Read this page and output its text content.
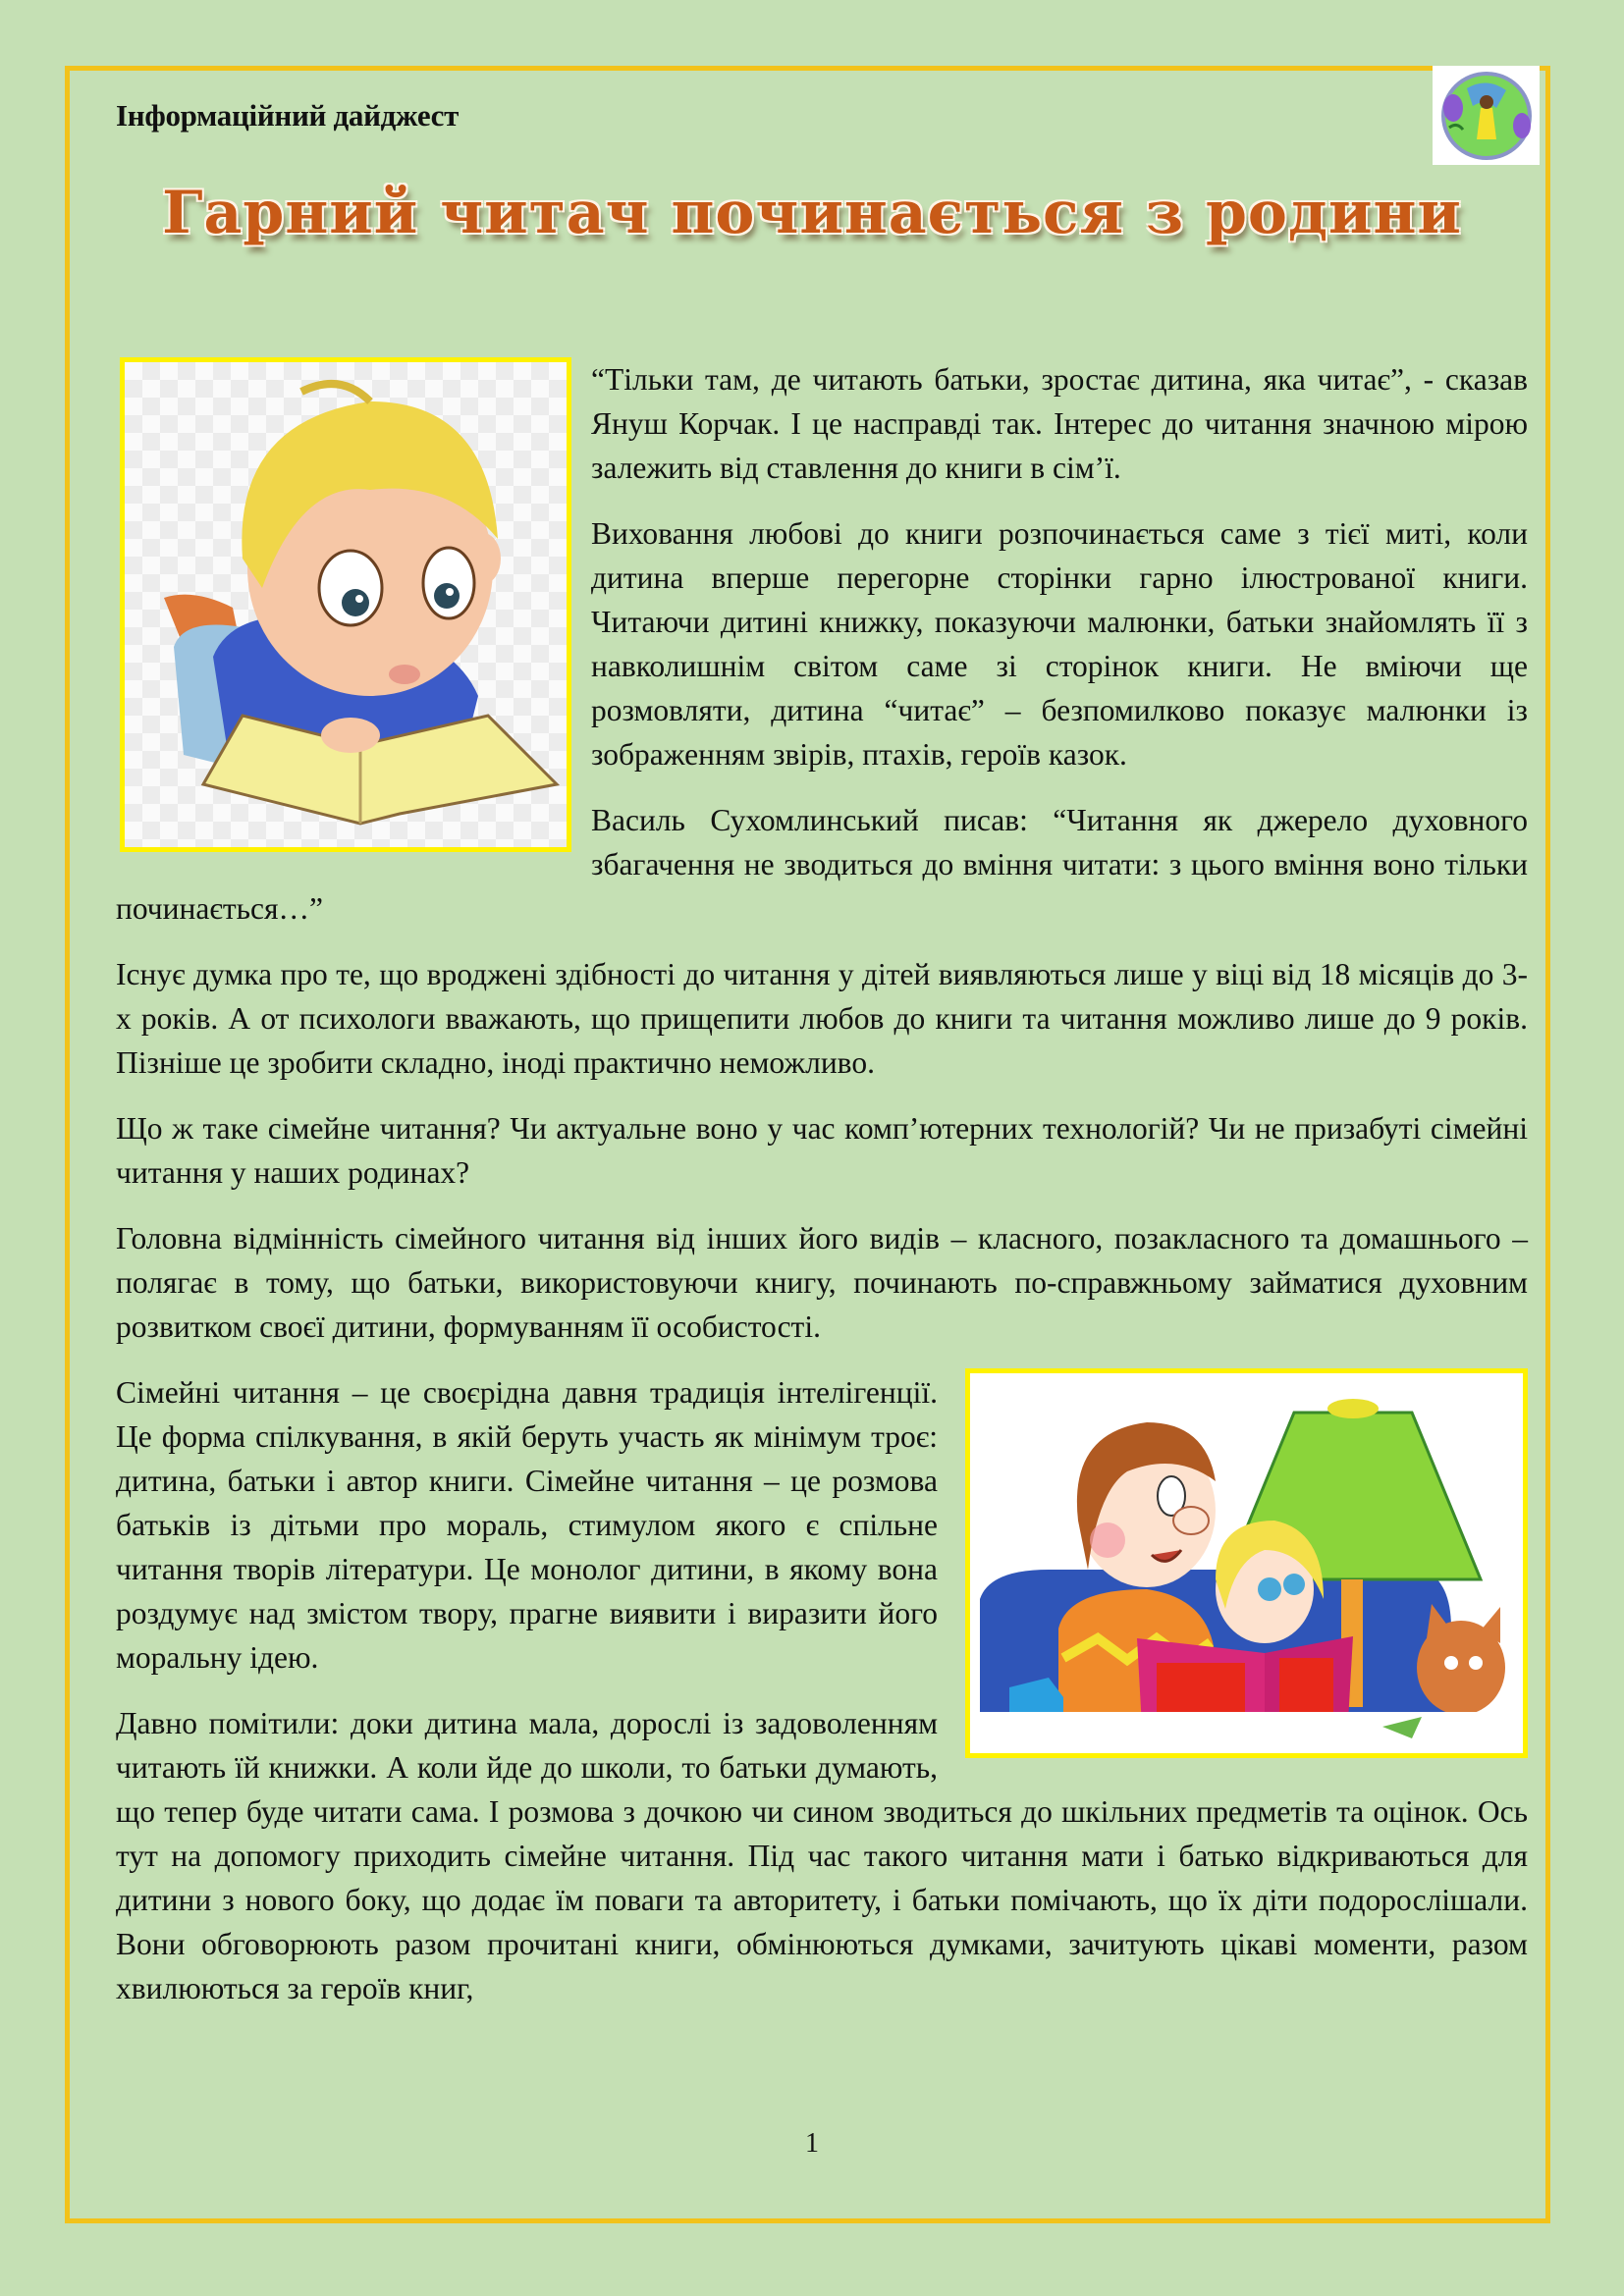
Інформаційний дайджест
Гарний читач починається з родини

“Тільки там, де читають батьки, зростає дитина, яка читає”, - сказав Януш Корчак. І це насправді так. Інтерес до читання значною мірою залежить від ставлення до книги в сім’ї.

Виховання любові до книги розпочинається саме з тієї миті, коли дитина вперше перегорне сторінки гарно ілюстрованої книги. Читаючи дитині книжку, показуючи малюнки, батьки знайомлять її з навколишнім світом саме зі сторінок книги. Не вміючи ще розмовляти, дитина “читає” – безпомилково показує малюнки із зображенням звірів, птахів, героїв казок.

Василь Сухомлинський писав: “Читання як джерело духовного збагачення не зводиться до вміння читати: з цього вміння воно тільки починається…”

Існує думка про те, що вроджені здібності до читання у дітей виявляються лише у віці від 18 місяців до 3-х років. А от психологи вважають, що прищепити любов до книги та читання можливо лише до 9 років. Пізніше це зробити складно, іноді практично неможливо.

Що ж таке сімейне читання? Чи актуальне воно у час комп’ютерних технологій? Чи не призабуті сімейні читання у наших родинах?

Головна відмінність сімейного читання від інших його видів – класного, позакласного та домашнього – полягає в тому, що батьки, використовуючи книгу, починають по-справжньому займатися духовним розвитком своєї дитини, формуванням її особистості.

Сімейні читання – це своєрідна давня традиція інтелігенції. Це форма спілкування, в якій беруть участь як мінімум троє: дитина, батьки і автор книги. Сімейне читання – це розмова батьків із дітьми про мораль, стимулом якого є спільне читання творів літератури. Це монолог дитини, в якому вона роздумує над змістом твору, прагне виявити і виразити його моральну ідею.

Давно помітили: доки дитина мала, дорослі із задоволенням читають їй книжки. А коли йде до школи, то батьки думають, що тепер буде читати сама. І розмова з дочкою чи сином зводиться до шкільних предметів та оцінок. Ось тут на допомогу приходить сімейне читання. Під час такого читання мати і батько відкриваються для дитини з нового боку, що додає їм поваги та авторитету, і батьки помічають, що їх діти подорослішали. Вони обговорюють разом прочитані книги, обмінюються думками, зачитують цікаві моменти, разом хвилюються за героїв книг,

1
